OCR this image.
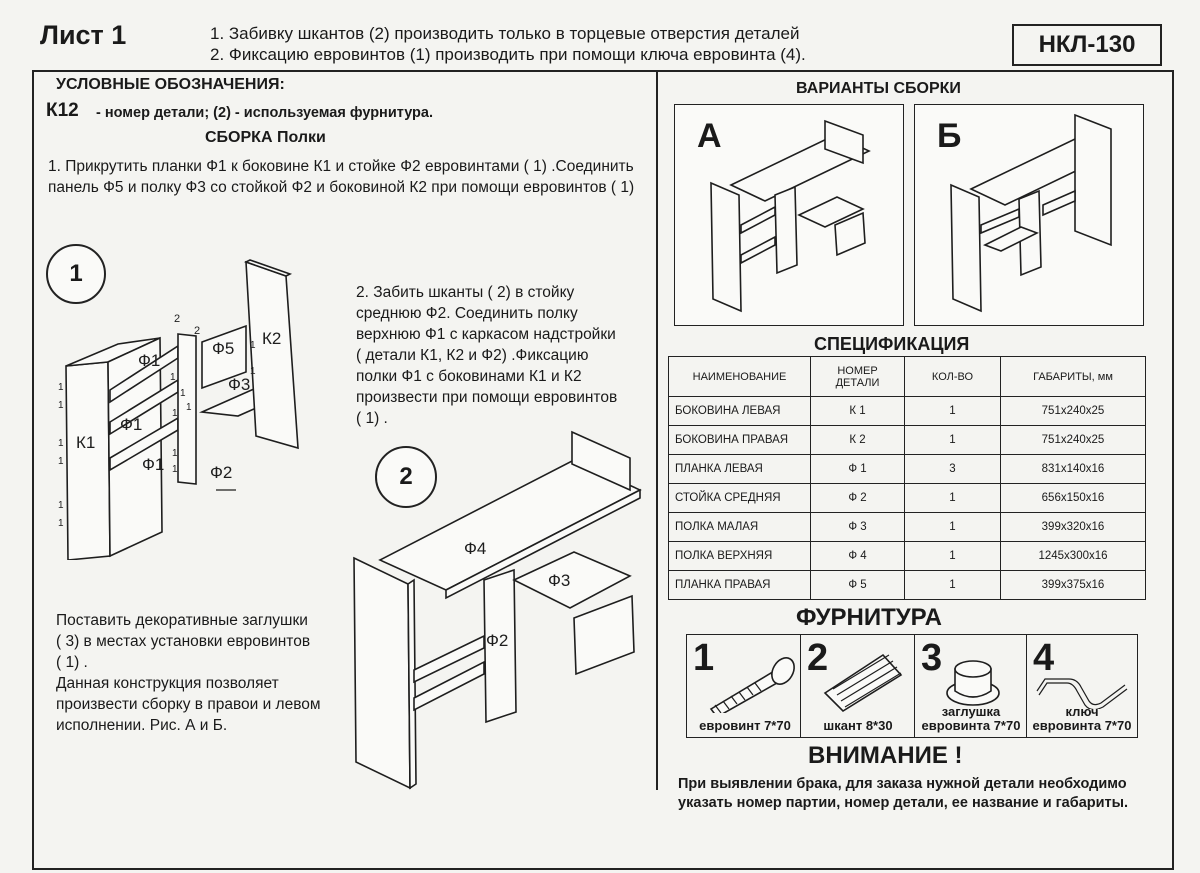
Лист 1	1. Забивку шкантов (2) производить только в торцевые отверстия деталей
2. Фиксацию евровинтов (1) производить при помощи ключа евровинта (4).	НКЛ-130
УСЛОВНЫЕ ОБОЗНАЧЕНИЯ:
К12 - номер детали; (2) - используемая фурнитура.
СБОРКА Полки
1. Прикрутить планки Ф1 к боковине К1 и стойке Ф2 евровинтами ( 1) .Соединить
панель Ф5 и полку Ф3 со стойкой Ф2 и боковиной К2 при помощи евровинтов ( 1)
1
1
1
1
1
1
1
1
1
1
1
1
1
1
1
2
2
К1
К2
Ф1
Ф1
Ф1
Ф5
Ф3
Ф2
2. Забить шканты ( 2) в стойку
среднюю Ф2. Соединить полку
верхнюю Ф1 с каркасом надстройки
( детали К1, К2 и Ф2) .Фиксацию
полки Ф1 с боковинами К1 и К2
произвести при помощи евровинтов
( 1) .
2
Ф4
Ф3
Ф2
Поставить декоративные заглушки
( 3) в местах установки евровинтов
( 1) .
Данная конструкция позволяет
произвести сборку в правои и левом
исполнении. Рис. А и Б.
ВАРИАНТЫ СБОРКИ
А	Б
СПЕЦИФИКАЦИЯ
НАИМЕНОВАНИЕ	НОМЕР ДЕТАЛИ	КОЛ-ВО	ГАБАРИТЫ, мм
БОКОВИНА ЛЕВАЯ	К 1	1	751х240х25
БОКОВИНА ПРАВАЯ	К 2	1	751х240х25
ПЛАНКА ЛЕВАЯ	Ф 1	3	831х140х16
СТОЙКА СРЕДНЯЯ	Ф 2	1	656х150х16
ПОЛКА МАЛАЯ	Ф 3	1	399х320х16
ПОЛКА ВЕРХНЯЯ	Ф 4	1	1245х300х16
ПЛАНКА ПРАВАЯ	Ф 5	1	399х375х16
ФУРНИТУРА
1
евровинт 7*70
2
шкант 8*30
3
заглушка
евровинта 7*70
4
ключ
евровинта 7*70
ВНИМАНИЕ !
При выявлении брака, для заказа нужной детали необходимо
указать номер партии, номер детали, ее название и габариты.
